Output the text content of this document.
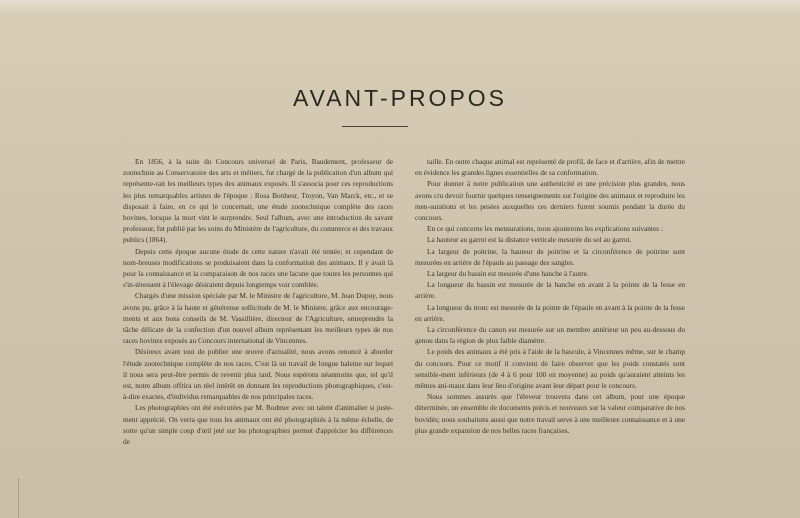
AVANT-PROPOS

En 1856, à la suite du Concours universel de Paris, Baudement, professeur de zootechnie au Conservatoire des arts et métiers, fut chargé de la publication d'un album qui représente-rait les meilleurs types des animaux exposés. Il s'associa pour ces reproductions les plus remarquables artistes de l'époque : Rosa Bonheur, Troyon, Van Marck, etc., et se disposait à faire, en ce qui le concernait, une étude zootechnique complète des races bovines, lorsque la mort vint le surprendre. Seul l'album, avec une introduction du savant professeur, fut publié par les soins du Ministère de l'agriculture, du commerce et des travaux publics (1864).

Depuis cette époque aucune étude de cette nature n'avait été tentée; et cependant de nom-breuses modifications se produisaient dans la conformation des animaux. Il y avait là pour la connaissance et la comparaison de nos races une lacune que toutes les personnes qui s'in-téressent à l'élevage désiraient depuis longtemps voir comblée.

Chargés d'une mission spéciale par M. le Ministre de l'agriculture, M. Jean Dupuy, nous avons pu, grâce à la haute et généreuse sollicitude de M. le Ministre, grâce aux encourage-ments et aux bons conseils de M. Vassillière, directeur de l'Agriculture, entreprendre la tâche délicate de la confection d'un nouvel album représentant les meilleurs types de nos races bovines exposés au Concours international de Vincennes.

Désireux avant tout de publier une œuvre d'actualité, nous avons renoncé à aborder l'étude zootechnique complète de nos races. C'est là un travail de longue haleine sur lequel il nous sera peut-être permis de revenir plus tard. Nous espérons néanmoins que, tel qu'il est, notre album offrira un réel intérêt en donnant les reproductions photographiques, c'est-à-dire exactes, d'individus remarquables de nos principales races.

Les photographies ont été exécutées par M. Rodmer avec un talent d'animalier si juste-ment apprécié. On verra que tous les animaux ont été photographiés à la même échelle, de sorte qu'un simple coup d'œil jeté sur les photographies permet d'apprécier les différences de

taille. En outre chaque animal est représenté de profil, de face et d'arrière, afin de mettre en évidence les grandes lignes essentielles de sa conformation.

Pour donner à notre publication une authenticité et une précision plus grandes, nous avons cru devoir fournir quelques renseignements sur l'origine des animaux et reproduire les men-surations et les pesées auxquelles ces derniers furent soumis pendant la durée du concours.

En ce qui concerne les mensurations, nous ajouterons les explications suivantes :

La hauteur au garrot est la distance verticale mesurée du sol au garrot.

La largeur de poitrine, la hauteur de poitrine et la circonférence de poitrine sont mesurées en arrière de l'épaule au passage des sangles.

La largeur du bassin est mesurée d'une hanche à l'autre.

La longueur du bassin est mesurée de la hanche en avant à la pointe de la fesse en arrière.

La longueur du tronc est mesurée de la pointe de l'épaule en avant à la pointe de la fesse en arrière.

La circonférence du canon est mesurée sur un membre antérieur un peu au-dessous du genou dans la région de plus faible diamètre.

Le poids des animaux a été pris à l'aide de la bascule, à Vincennes même, sur le champ du concours. Pour ce motif il convient de faire observer que les poids constatés sont sensible-ment inférieurs (de 4 à 6 pour 100 en moyenne) au poids qu'auraient atteints les mêmes ani-maux dans leur lieu d'origine avant leur départ pour le concours.

Nous sommes assurés que l'éleveur trouvera dans cet album, pour une époque déterminée, un ensemble de documents précis et nouveaux sur la valeur comparative de nos bovidés; nous souhaitons aussi que notre travail serve à une meilleure connaissance et à une plus grande expansion de nos belles races françaises.
